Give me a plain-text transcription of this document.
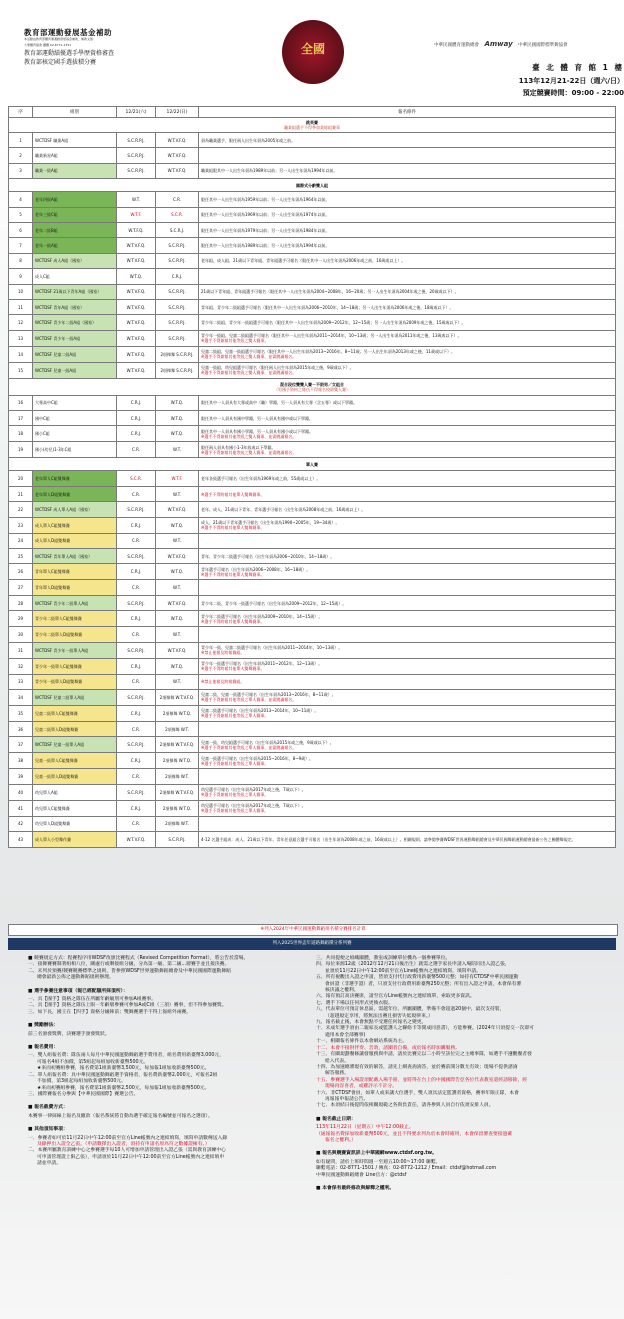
教育部運動發展基金補助
本活動由教育部體育署運動發展基金補助，補助文號：
大專體育總會 團體 02-8771-1351
教育部運動績優選手學歷資格審查
教育部核定國手選拔積分賽
全國	中華民國體育運動總會 Amway 中華民國國際標準舞協會
臺 北 體 育 館 1 樓
113年12月21-22日（週六/日）
預定競賽時間：09:00 - 22:00
序	組別	12/21(六)	12/22(日)	報名條件

跳英賽
職業組選手不得參加業餘組賽事				

1	WCTDSF 職業A組	S.C.R.P.J.	W.T.V.F.Q.	須為職業選手，限任兩人出生年須為2005年或之前。

2	職業新星A組	S.C.R.P.J.	W.T.V.F.Q.	

3	職業一級A組	S.C.R.P.J.	W.T.V.F.Q.	職業組限其中一人出生年須為1989年以前；另一人出生年須為1994年以前。

國際式分齡雙人組				

4	老年四級A組	W.T.	C.R.	限任其中一人出生年須為1959年以前；另一人出生年須為1964年以前。

5	老年三級C組	W.T.F.	S.C.R.	限任其中一人出生年須為1969年以前；另一人出生年須為1974年以前。

6	老年二級B組	W.T.F.Q.	S.C.R.J.	限任其中一人出生年須為1979年以前；另一人出生年須為1984年以前。

7	老年一級A組	W.T.V.F.Q.	S.C.R.P.J.	限任其中一人出生年須為1989年以前；另一人出生年須為1994年以前。

8	WCTDSF 成人A組（國家）	W.T.V.F.Q.	S.C.R.P.J.	老年組、成人組、21歲以下青年組、青年組選手可報名（限任其中一人出生年須為2006年或之前，16歲或以上）。

9	成人C組	W.T.Q.	C.R.J.	

10	WCTDSF 21歲以下青年A組（國家）	W.T.V.F.Q.	S.C.R.P.J.	21歲以下青年組、青年組選手可報名（限任其中一人出生年須為2004~2008年，16~20歲；另一人出生年須為2004年或之後，20歲或以下）。

11	WCTDSF 青年A組（國家）	W.T.V.F.Q.	S.C.R.P.J.	青年組、青少年二級組選手可報名（限任其中一人出生年須為2006~2010年，14~18歲；另一人出生年須為2006年或之後，18歲或以下）。

12	WCTDSF 青少年二級A組（國家）	W.T.V.F.Q.	S.C.R.P.J.	青少年二級組、青少年一級組選手可報名（限任其中一人出生年須為2009~2012年，12~15歲；另一人出生年須為2009年或之後，15歲或以下）。

13	WCTDSF 青少年一級A組	W.T.V.F.Q.	S.C.R.P.J.	青少年一級組、兒童二級組選手可報名（限任其中一人出生年須為2011~2014年，10~13歲；另一人出生年須為2011年或之後，13歲或以下）。
※選手不得兼報其他等級之雙人賽事。

14	WCTDSF 兒童二級A組	W.T.V.F.Q.	2項擇舞 S.C.R.P.J.	兒童二級組、兒童一級組選手可報名（限任其中一人出生年須為2013~2016年，8~11歲；另一人出生年須為2013年或之後，11歲或以下）。
※選手不得兼報其他等級之雙人賽事，並需跳滿報名。

15	WCTDSF 兒童一級A組	W.T.V.F.Q.	2項擇舞 S.C.R.P.J.	兒童一級組、幼兒組選手可報名（限任兩人出生年須為2015年或之後，9歲或以下）。
※選手不得兼報其他等級之雙人賽事，並需跳滿報名。

混合段位雙雙人賽－不限男／女組合
（男國手資格之隊伍不得報名校園雙人賽）				

16	大專高中C組	C.R.J.	W.T.Q.	限任其中一人須具有大專或高中（職）學籍，另一人須具有大專（含五專）或以下學籍。

17	國中C組	C.R.J.	W.T.Q.	限任其中一人須具有國中學籍，另一人須具有國中或以下學籍。

18	國小C組	C.R.J.	W.T.Q.	限任其中一人須具有國小學籍，另一人須具有國小或以下學籍。
※選手不得兼報其他等級之雙人賽事，並需跳滿報名。

19	國小(幼兒)1-3年C組	C.R.	W.T.	限任兩人須具有國小1-3年級或以下學籍。
※選手不得兼報其他等級之雙人賽事，並需跳滿報名。

單人賽				

20	老年單人C組雙舞賽	S.C.R.	W.T.F.	老年各級選手可報名（出生年須為1969年或之前，55歲或以上）。

21	老年單人D組雙舞賽	C.R.	W.T.	※選手不得跨報其他單人雙舞賽事。

22	WCTDSF 成人單人A組（國家）	S.C.R.P.J.	W.T.V.F.Q.	老年、成人、21歲以下青年、青年選手可報名（出生年須為2008年或之前，16歲或以上）。

23	成人單人C組雙舞賽	C.R.J.	W.T.Q.	成人、21歲以下青年選手可報名（出生年須為1990~2005年，19~34歲）。
※選手不得跨報其他單人雙舞賽事。

24	成人單人D組雙舞賽	C.R.	W.T.	

25	WCTDSF 青年單人A組（國家）	S.C.R.P.J.	W.T.V.F.Q.	青年、青少年二級選手可報名（出生年須為2006~2010年，14~18歲）。

26	青年單人C組雙舞賽	C.R.J.	W.T.Q.	青年選手可報名（出生年須為2006~2008年，16~18歲）。
※選手不得跨報其他單人雙舞賽事。

27	青年單人D組雙舞賽	C.R.	W.T.	

28	WCTDSF 青少年二級單人A組	S.C.R.P.J.	W.T.V.F.Q.	青少年二級、青少年一級選手可報名（出生年須為2009~2012年，12~15歲）。

29	青少年二級單人C組雙舞賽	C.R.J.	W.T.Q.	青少年二級選手可報名（出生年須為2009~2010年，14~15歲）。
※選手不得跨報其他單人雙舞賽事。

30	青少年二級單人D組雙舞賽	C.R.	W.T.	

31	WCTDSF 青少年一級單人A組	S.C.R.P.J.	W.T.V.F.Q.	青少年一級、兒童二級選手可報名（出生年須為2011~2014年，10~13歲）。
※禁止他報及跨報賽組。

32	青少年一級單人C組雙舞賽	C.R.J.	W.T.Q.	青少年一級選手可報名（出生年須為2011~2012年，12~13歲）。
※選手不得跨報其他單人雙舞賽事。

33	青少年一級單人D組雙舞賽	C.R.	W.T.	※禁止他報及跨報賽組。

34	WCTDSF 兒童二級單人A組	S.C.R.P.J.	2項擇舞 W.T.V.F.Q.	兒童二級、兒童一級選手可報名（出生年須為2013~2016年，8~11歲）。
※選手不得兼報其他等級之單人賽事，並需跳滿報名。

35	兒童二級單人C組雙舞賽	C.R.J.	2項擇舞 W.T.Q.	兒童二級選手可報名（出生年須為2013~2014年，10~11歲）。
※選手不得兼報其他等級之單人賽事。

36	兒童二級單人D組雙舞賽	C.R.	2項擇舞 W.T.	

37	WCTDSF 兒童一級單人A組	S.C.R.P.J.	2項擇舞 W.T.V.F.Q.	兒童一級、幼兒組選手可報名（出生年須為2015年或之後，9歲或以下）。
※選手不得兼報其他等級之單人賽事，並需跳滿報名。

38	兒童一級單人C組雙舞賽	C.R.J.	2項擇舞 W.T.Q.	兒童一級選手可報名（出生年須為2015~2016年，8~9歲）。
※選手不得兼報其他等級之單人賽事。

39	兒童一級單人D組雙舞賽	C.R.	2項擇舞 W.T.	

40	幼兒單人A組	S.C.R.P.J.	2項擇舞 W.T.V.F.Q.	幼兒選手可報名（出生年須為2017年或之後，7歲以下）。
※選手不得兼報其他等級之單人賽事。

41	幼兒單人C組雙舞賽	C.R.J.	2項擇舞 W.T.Q.	幼兒選手可報名（出生年須為2017年或之後，7歲以下）。
※選手不得兼報其他等級之單人賽事。

42	幼兒單人D組雙舞賽	C.R.	2項擇舞 W.T.	

43	成人單人小型舞作賽	W.T.V.F.Q.	S.C.R.P.J.	4-12 名選手組成：成人、21歲以下青年、青年任意組合選手可報名（出生年須為2008年或之前，16歲或以上）。相關規則、請參閱參賽WDSF世界運動舞蹈總會及中華民國舞蹈運動總會最新公告之團體舞規定。
※列入2024年中華民國運動舞蹈排名積分賽排名計算
列入2025世界盃年道路舞蹈積分系列賽
■ 競賽規定方式：程賽程序用WDSF改頒比賽程式（Revised Competition Format），將公告於當場。
一、接舞賽賽制著組相八位，剛處行或剩接組分級，分為第一級、第二級...層賽手並且接決賽。
二、未列於預賽/競賽競賽標準之規則，皆參照WDSF世界運動舞蹈總會及中華民國國際運動舞蹈
總會最新公佈之運動舞蹈規則辦理。
■ 選手參賽注意事項（報已經配額所採須所）：
一、具【國手】資格之隊伍在所屬年齡級別可參加A組賽事。
二、具【國手】資格之隊伍上限一年齡層參賽可參加A或C組（三項）賽事，但不得參加賽獎。
三、如下長，國王在【四手】資格分級陣前；雙舞賽選手不得上報組外兩賽。
■ 獎勵辦法：
前三名頒發獎牌，決賽選手頒發獎狀。
■ 報名費用：
一、雙人組報名費：隊伍兩人每月中華民國運動舞蹈選手費用者，組名費用新臺幣3,000元，
可報名4組不加價，第5組起每組加收新臺幣500元。
★來而初賽組參賽，報名費第1組新臺幣3,500元，每加報1組加收新臺幣500元。
二、單人組報名費：具中華民國運動舞蹈選手資格者，報名費新臺幣2,000元，可報名2組
不加價，第3組起每組加收新臺幣500元。
★來而初賽組參賽，報名費第1組新臺幣2,500元，每加報1組加收新臺幣500元。
三、國際賽報名分參與【中華民國國際】賽選公告。
■ 報名截費方式：
本賽事一律採線上報名及繳款（報名系統將自動為選手確定報名編號並可報名之選項）。
■ 其他須知事項：
一、參賽者如可於11月22日中午12:00前至官方Line帳號內之連結填寫，填寫申請數傳送入錄
及錄押出入證全乙張。（申請數擇出入證者，須持有申請名原為符之數據證擁有。）
二、本賽所屬教育訓練中心之參賽選手每10人可增加申請管理出入證乙張（需與教育訓練中心
可申請管理證上限乙張），申請須於11月22日中午12:00前至官方Line帳號內之連結填申
請並申請。
三、共同提便之組織團體，教室或訓練單位機為一個參賽單位。
四、每位來源12歲（2012年12月21日後出生）就需之選手家長申請入場陪同出入證乙張，
並須於11月22日中午12:00前至官方Line帳號內之連結填寫，填寫申請。
五、所有視觀出入證之申請，皆須支付代行政費用新臺幣500元整；如持有CTDSF中華民國運動
會員證（非選手證）者，只須支付行政費用新臺幣250元整；所有出入證之申請，本會保有審
核決議之權利。
六、報有預訂高決賽席，請至官方Line帳號內之連結填單，索取更多資訊。
七、選手下場以任何形式更換衣服。
八、代表單位可預訂休息區，需越年位、所屬團體，準備不會超過20個中，最次支持裝，
（超越規定享用，將無法出賽且損害失低規律來。）
九、報名截止後，本會無點不受選任何報名之變更。
十、未成年選手須由二親家長或監護人之聯絡卡等開成同意書），方能參賽。(2024年只須提交一次即可
適用本會全部賽事)
十一、相關報名條件以本會網站系統為主。
十二、本會不接供伴奏、音效，請團者自備，或於報名時加購服務。
十三、有關規劃餐修讓發服務與申請，請於比賽完以二小時至該位完之主總事隊，如選手不遵觀餐者發
給入代表。
十四、為加速總審現有效的解答，請先上網查詢詢答，並於賽前開分數尤有效；現場不提供諮詢
解答服務。
十五、參賽選手入場證須配戴入場手冊，並將得在台上的中國國際告亞各位代表教室還經請移除，經
現場再容喜者，或雞評示不計分。
十六、非CTDSF會員，如單人或來讓大位選手，雙人須具法定監護者資格，賽事年限正隊，本會
再報報申報請公告。
十七、本須結日後提問依相關規範之各與負責任，請各參與人員自行依須安排人員。
■ 報名截止日期：
113年11月22日（星期五）中午12:00截止。
（通報報名費採加收新臺幣500元，並且不得要求列為於本會時確用，本會保留審查要接過確
報名之權利。）
■ 報名與競賽資訊詳上中華國網www.ctdsf.org.tw。
如有疑問，請於上班時間週一至週五10:00~17:00 聯繫。
聯繫電話：02-8771-1501 / 傳真：02-8772-1212 / Email：ctdsf@hotmail.com
中華民國運動舞蹈總會 Line官方：@ctdsf
■ 本會保有最終修改與解釋之權利。
